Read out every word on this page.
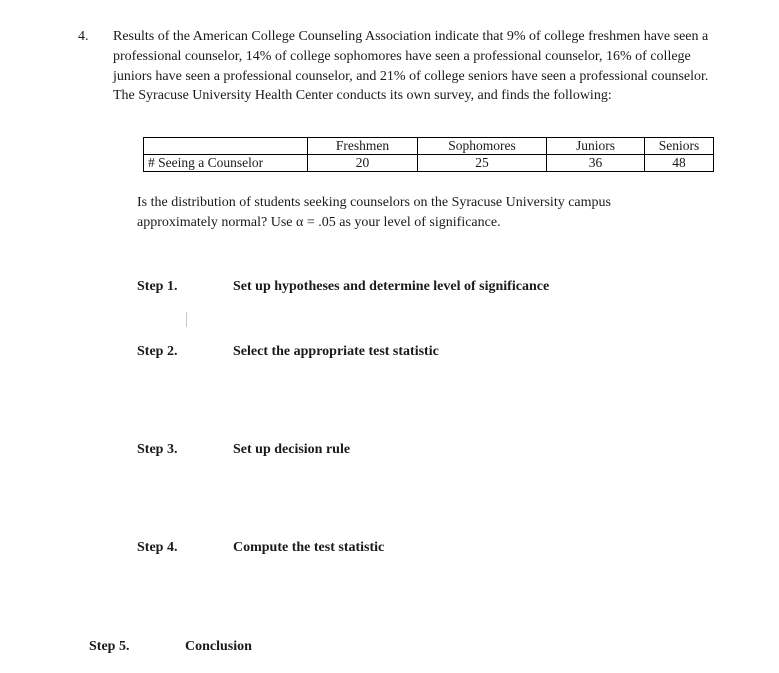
4. Results of the American College Counseling Association indicate that 9% of college freshmen have seen a professional counselor, 14% of college sophomores have seen a professional counselor, 16% of college juniors have seen a professional counselor, and 21% of college seniors have seen a professional counselor. The Syracuse University Health Center conducts its own survey, and finds the following:

	Freshmen	Sophomores	Juniors	Seniors
# Seeing a Counselor	20	25	36	48

Is the distribution of students seeking counselors on the Syracuse University campus approximately normal? Use α = .05 as your level of significance.

Step 1.	Set up hypotheses and determine level of significance
Step 2.	Select the appropriate test statistic
Step 3.	Set up decision rule
Step 4.	Compute the test statistic
Step 5.	Conclusion
